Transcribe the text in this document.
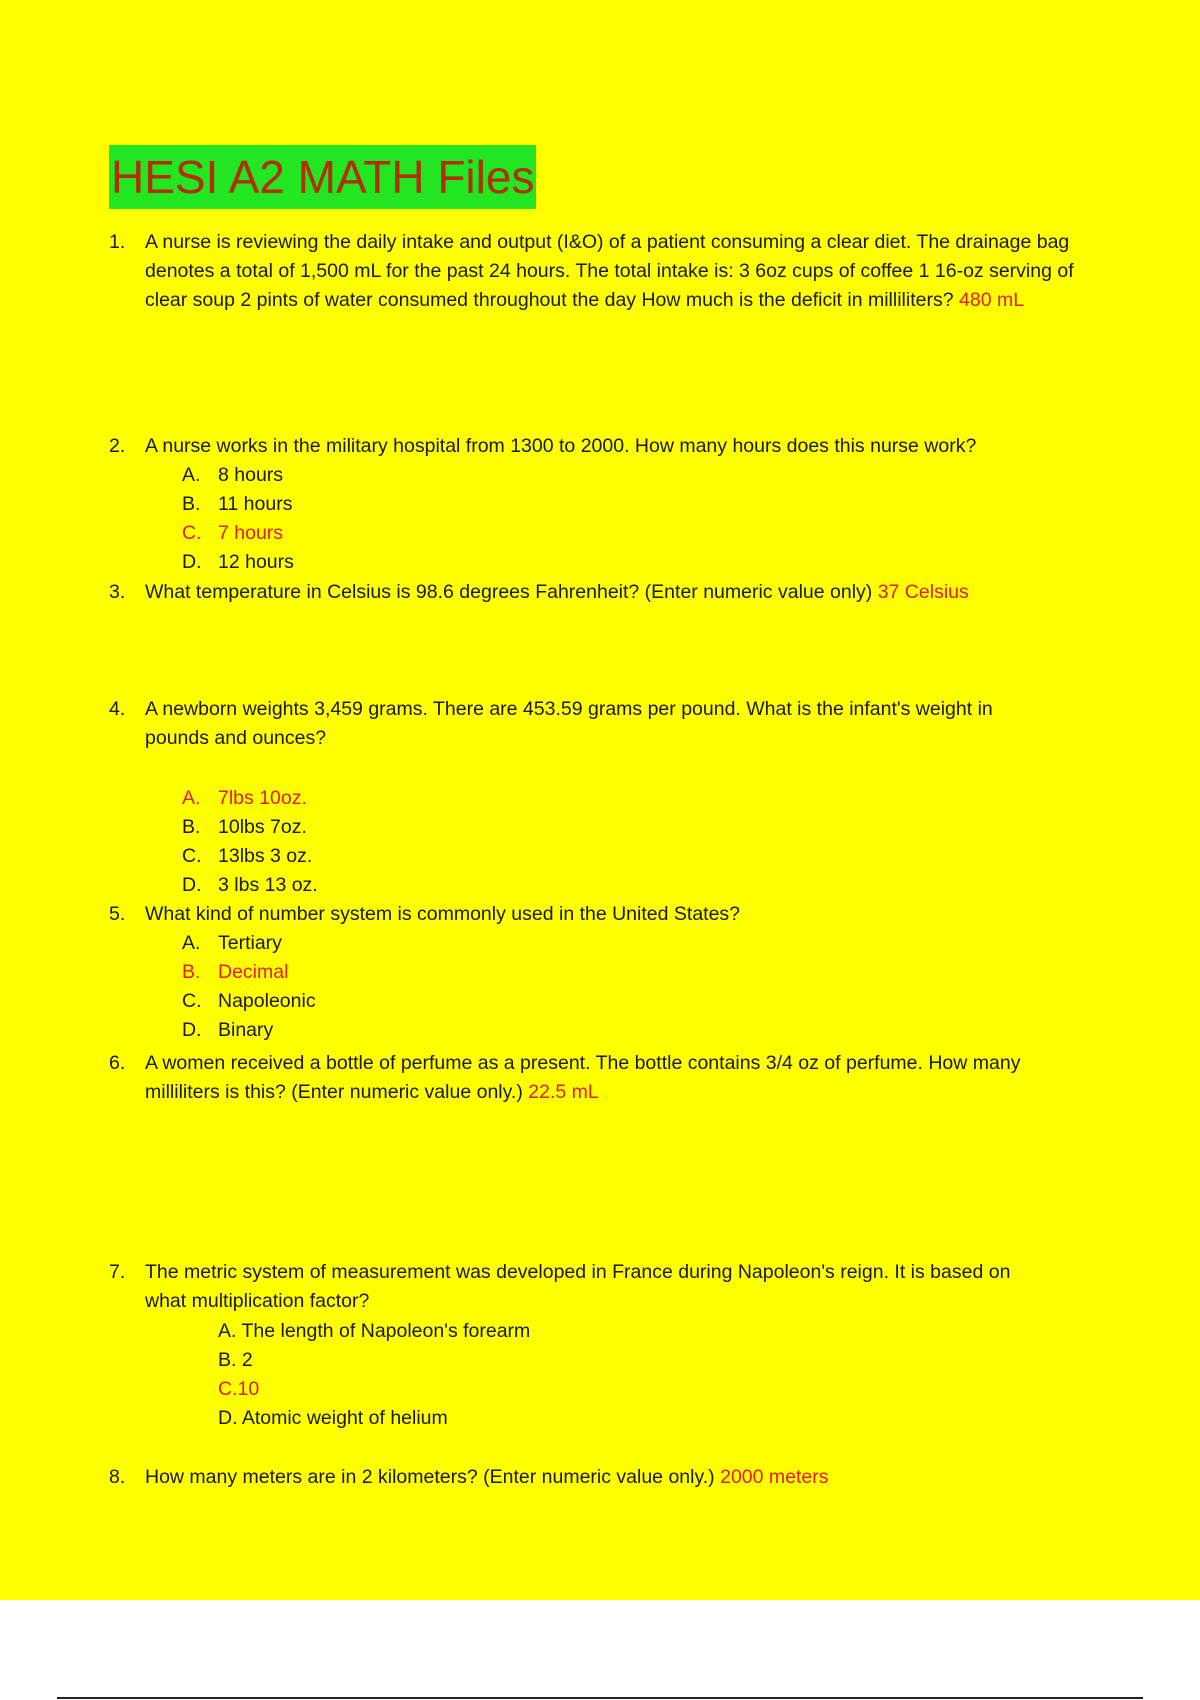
HESI A2 MATH Files
1. A nurse is reviewing the daily intake and output (I&O) of a patient consuming a clear diet. The drainage bag denotes a total of 1,500 mL for the past 24 hours. The total intake is: 3 6oz cups of coffee 1 16-oz serving of clear soup 2 pints of water consumed throughout the day How much is the deficit in milliliters? 480 mL
2. A nurse works in the military hospital from 1300 to 2000. How many hours does this nurse work?
A. 8 hours
B. 11 hours
C. 7 hours
D. 12 hours
3. What temperature in Celsius is 98.6 degrees Fahrenheit? (Enter numeric value only) 37 Celsius
4. A newborn weights 3,459 grams. There are 453.59 grams per pound. What is the infant's weight in pounds and ounces?
A. 7lbs 10oz.
B. 10lbs 7oz.
C. 13lbs 3 oz.
D. 3 lbs 13 oz.
5. What kind of number system is commonly used in the United States?
A. Tertiary
B. Decimal
C. Napoleonic
D. Binary
6. A women received a bottle of perfume as a present. The bottle contains 3/4 oz of perfume. How many milliliters is this? (Enter numeric value only.) 22.5 mL
7. The metric system of measurement was developed in France during Napoleon's reign. It is based on what multiplication factor?
A. The length of Napoleon's forearm
B. 2
C.10
D. Atomic weight of helium
8. How many meters are in 2 kilometers? (Enter numeric value only.) 2000 meters
